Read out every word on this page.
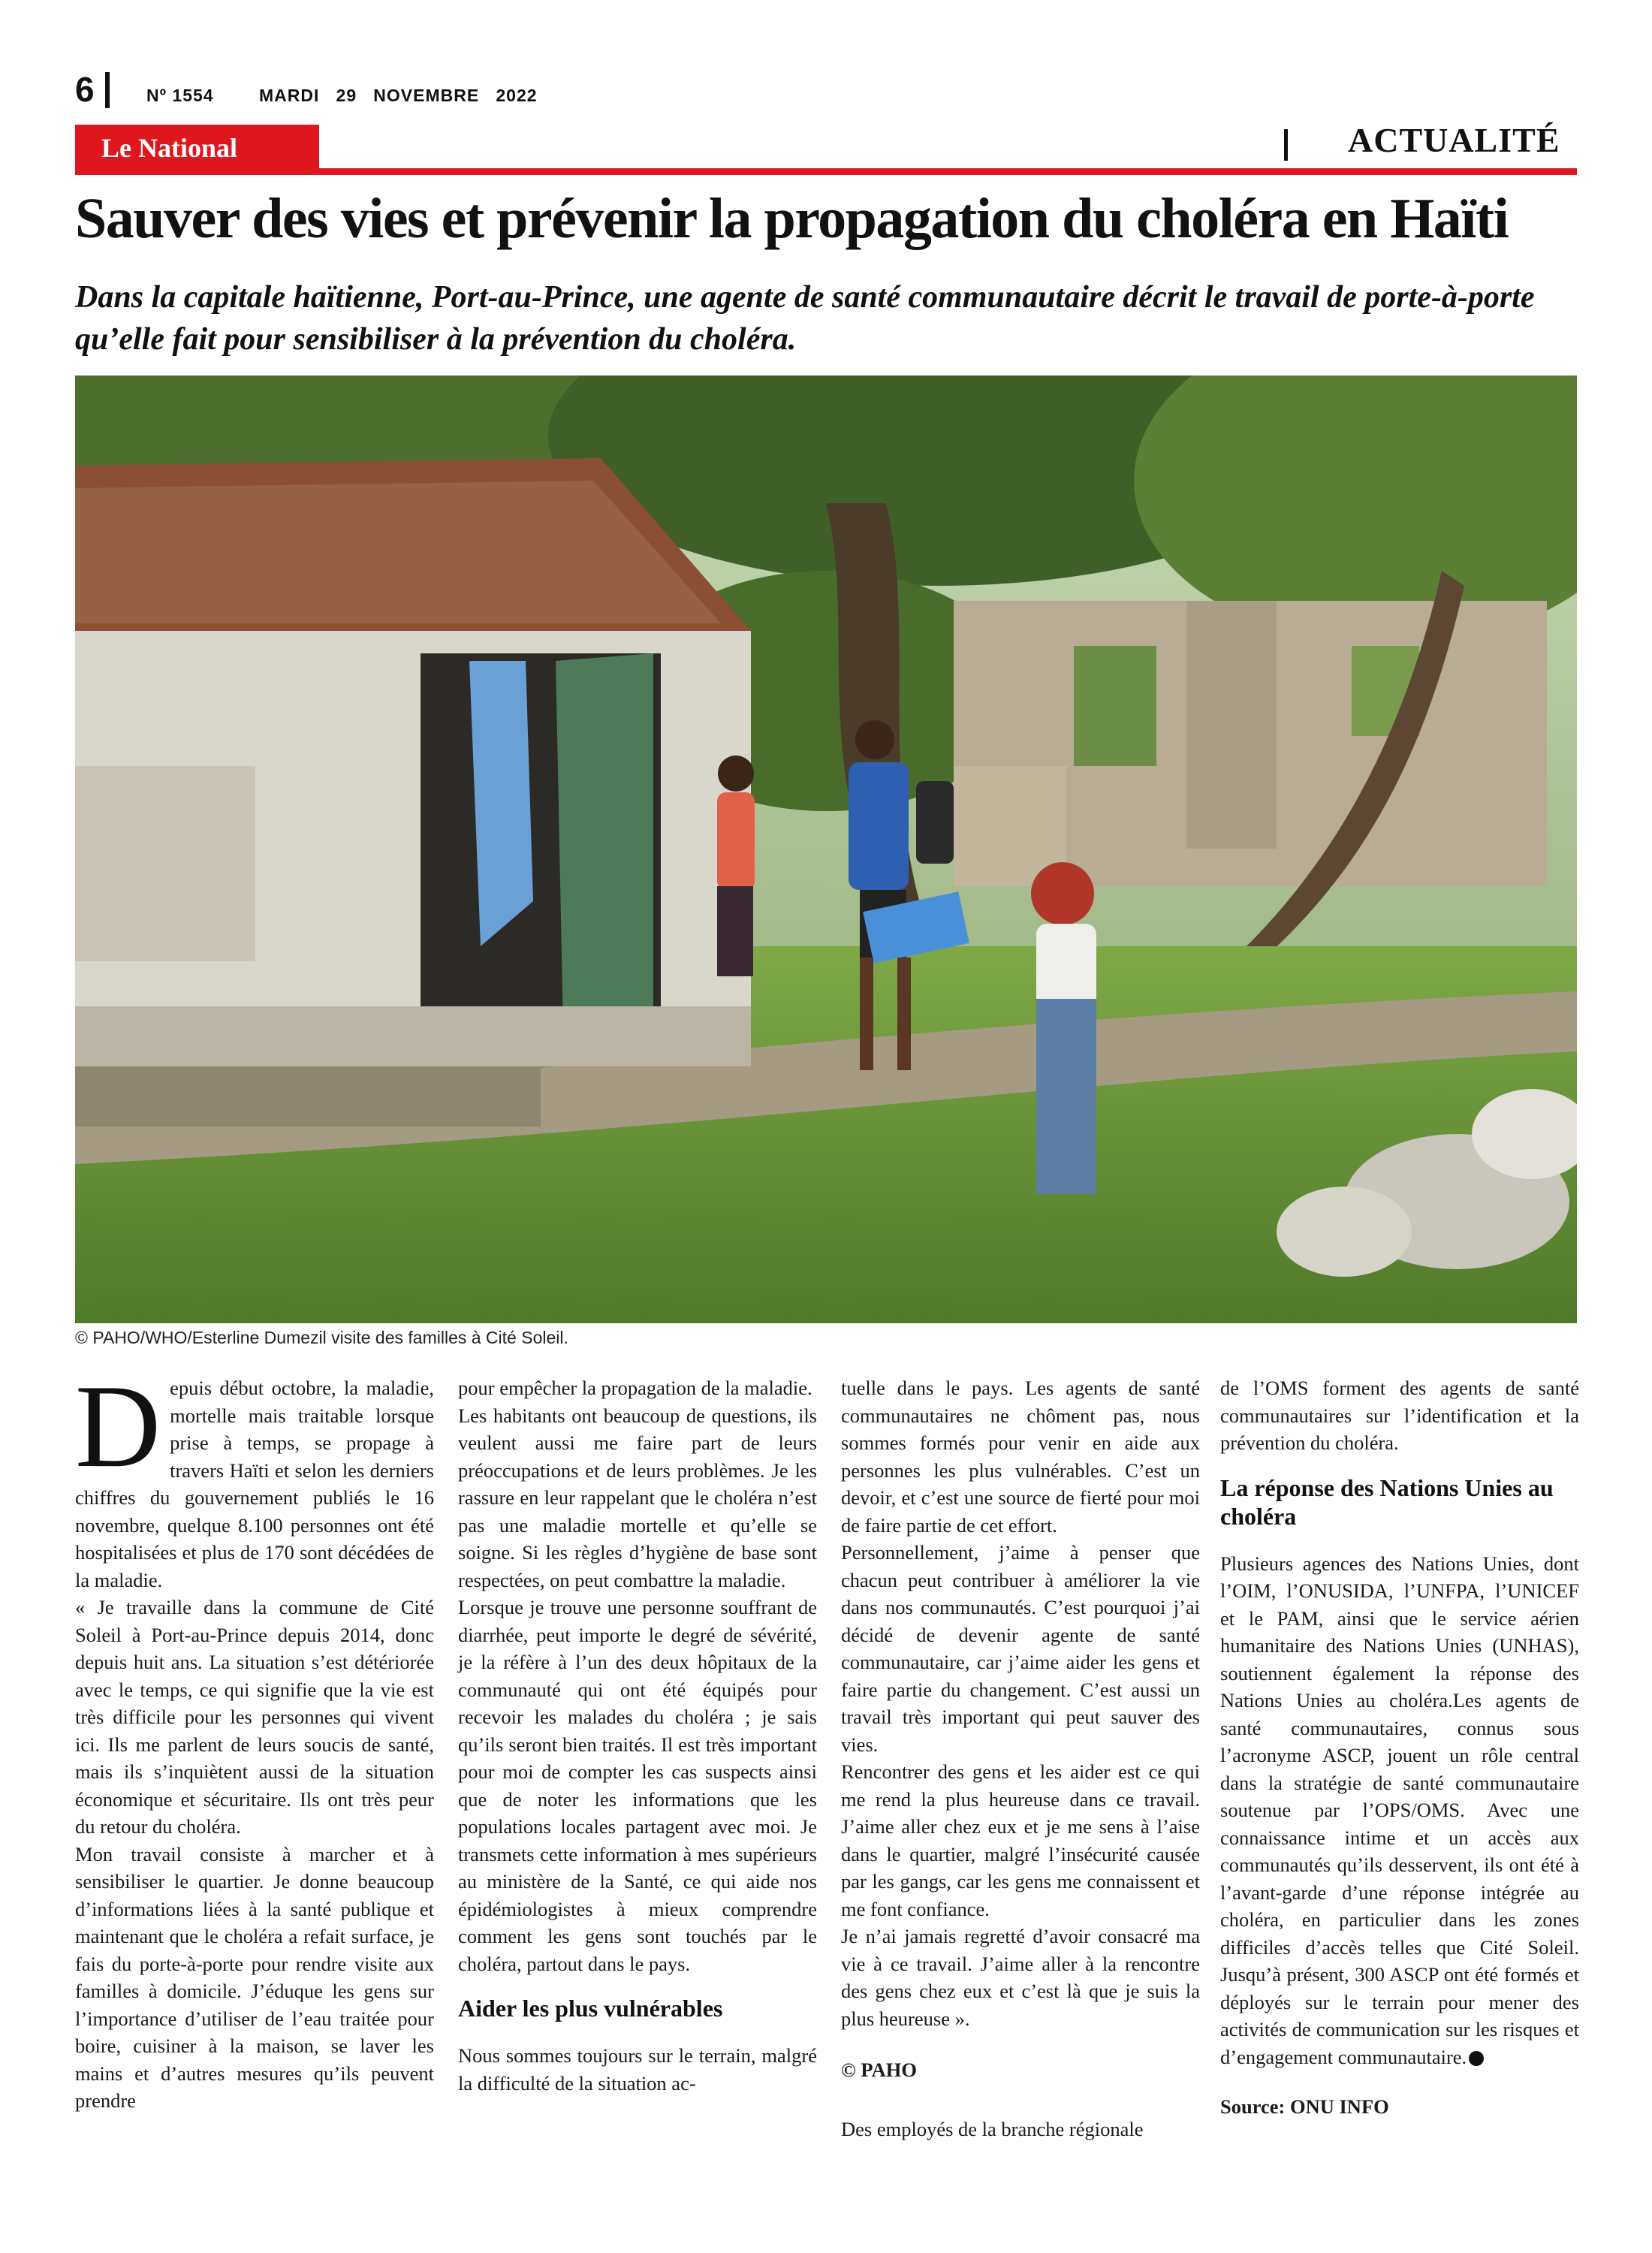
6	Nº 1554	MARDI   29   NOVEMBRE   2022
Le National	ACTUALITÉ
Sauver des vies et prévenir la propagation du choléra en Haïti
Dans la capitale haïtienne, Port-au-Prince, une agente de santé communautaire décrit le travail de porte-à-porte qu’elle fait pour sensibiliser à la prévention du choléra.
© PAHO/WHO/Esterline Dumezil visite des familles à Cité Soleil.

Depuis début octobre, la maladie, mortelle mais traitable lorsque prise à temps, se propage à travers Haïti et selon les derniers chiffres du gouvernement publiés le 16 novembre, quelque 8.100 personnes ont été hospitalisées et plus de 170 sont décédées de la maladie.

« Je travaille dans la commune de Cité Soleil à Port-au-Prince depuis 2014, donc depuis huit ans. La situation s’est détériorée avec le temps, ce qui signifie que la vie est très difficile pour les personnes qui vivent ici. Ils me parlent de leurs soucis de santé, mais ils s’inquiètent aussi de la situation économique et sécuritaire. Ils ont très peur du retour du choléra.

Mon travail consiste à marcher et à sensibiliser le quartier. Je donne beaucoup d’informations liées à la santé publique et maintenant que le choléra a refait surface, je fais du porte-à-porte pour rendre visite aux familles à domicile. J’éduque les gens sur l’importance d’utiliser de l’eau traitée pour boire, cuisiner à la maison, se laver les mains et d’autres mesures qu’ils peuvent prendre

pour empêcher la propagation de la maladie.

Les habitants ont beaucoup de questions, ils veulent aussi me faire part de leurs préoccupations et de leurs problèmes. Je les rassure en leur rappelant que le choléra n’est pas une maladie mortelle et qu’elle se soigne. Si les règles d’hygiène de base sont respectées, on peut combattre la maladie.

Lorsque je trouve une personne souffrant de diarrhée, peut importe le degré de sévérité, je la réfère à l’un des deux hôpitaux de la communauté qui ont été équipés pour recevoir les malades du choléra ; je sais qu’ils seront bien traités. Il est très important pour moi de compter les cas suspects ainsi que de noter les informations que les populations locales partagent avec moi. Je transmets cette information à mes supérieurs au ministère de la Santé, ce qui aide nos épidémiologistes à mieux comprendre comment les gens sont touchés par le choléra, partout dans le pays.

Aider les plus vulnérables

Nous sommes toujours sur le terrain, malgré la difficulté de la situation ac-

tuelle dans le pays. Les agents de santé communautaires ne chôment pas, nous sommes formés pour venir en aide aux personnes les plus vulnérables. C’est un devoir, et c’est une source de fierté pour moi de faire partie de cet effort.

Personnellement, j’aime à penser que chacun peut contribuer à améliorer la vie dans nos communautés. C’est pourquoi j’ai décidé de devenir agente de santé communautaire, car j’aime aider les gens et faire partie du changement. C’est aussi un travail très important qui peut sauver des vies.

Rencontrer des gens et les aider est ce qui me rend la plus heureuse dans ce travail. J’aime aller chez eux et je me sens à l’aise dans le quartier, malgré l’insécurité causée par les gangs, car les gens me connaissent et me font confiance.

Je n’ai jamais regretté d’avoir consacré ma vie à ce travail. J’aime aller à la rencontre des gens chez eux et c’est là que je suis la plus heureuse ».

© PAHO

Des employés de la branche régionale

de l’OMS forment des agents de santé communautaires sur l’identification et la prévention du choléra.

La réponse des Nations Unies au choléra

Plusieurs agences des Nations Unies, dont l’OIM, l’ONUSIDA, l’UNFPA, l’UNICEF et le PAM, ainsi que le service aérien humanitaire des Nations Unies (UNHAS), soutiennent également la réponse des Nations Unies au choléra.Les agents de santé communautaires, connus sous l’acronyme ASCP, jouent un rôle central dans la stratégie de santé communautaire soutenue par l’OPS/OMS. Avec une connaissance intime et un accès aux communautés qu’ils desservent, ils ont été à l’avant-garde d’une réponse intégrée au choléra, en particulier dans les zones difficiles d’accès telles que Cité Soleil. Jusqu’à présent, 300 ASCP ont été formés et déployés sur le terrain pour mener des activités de communication sur les risques et d’engagement communautaire.

Source: ONU INFO
